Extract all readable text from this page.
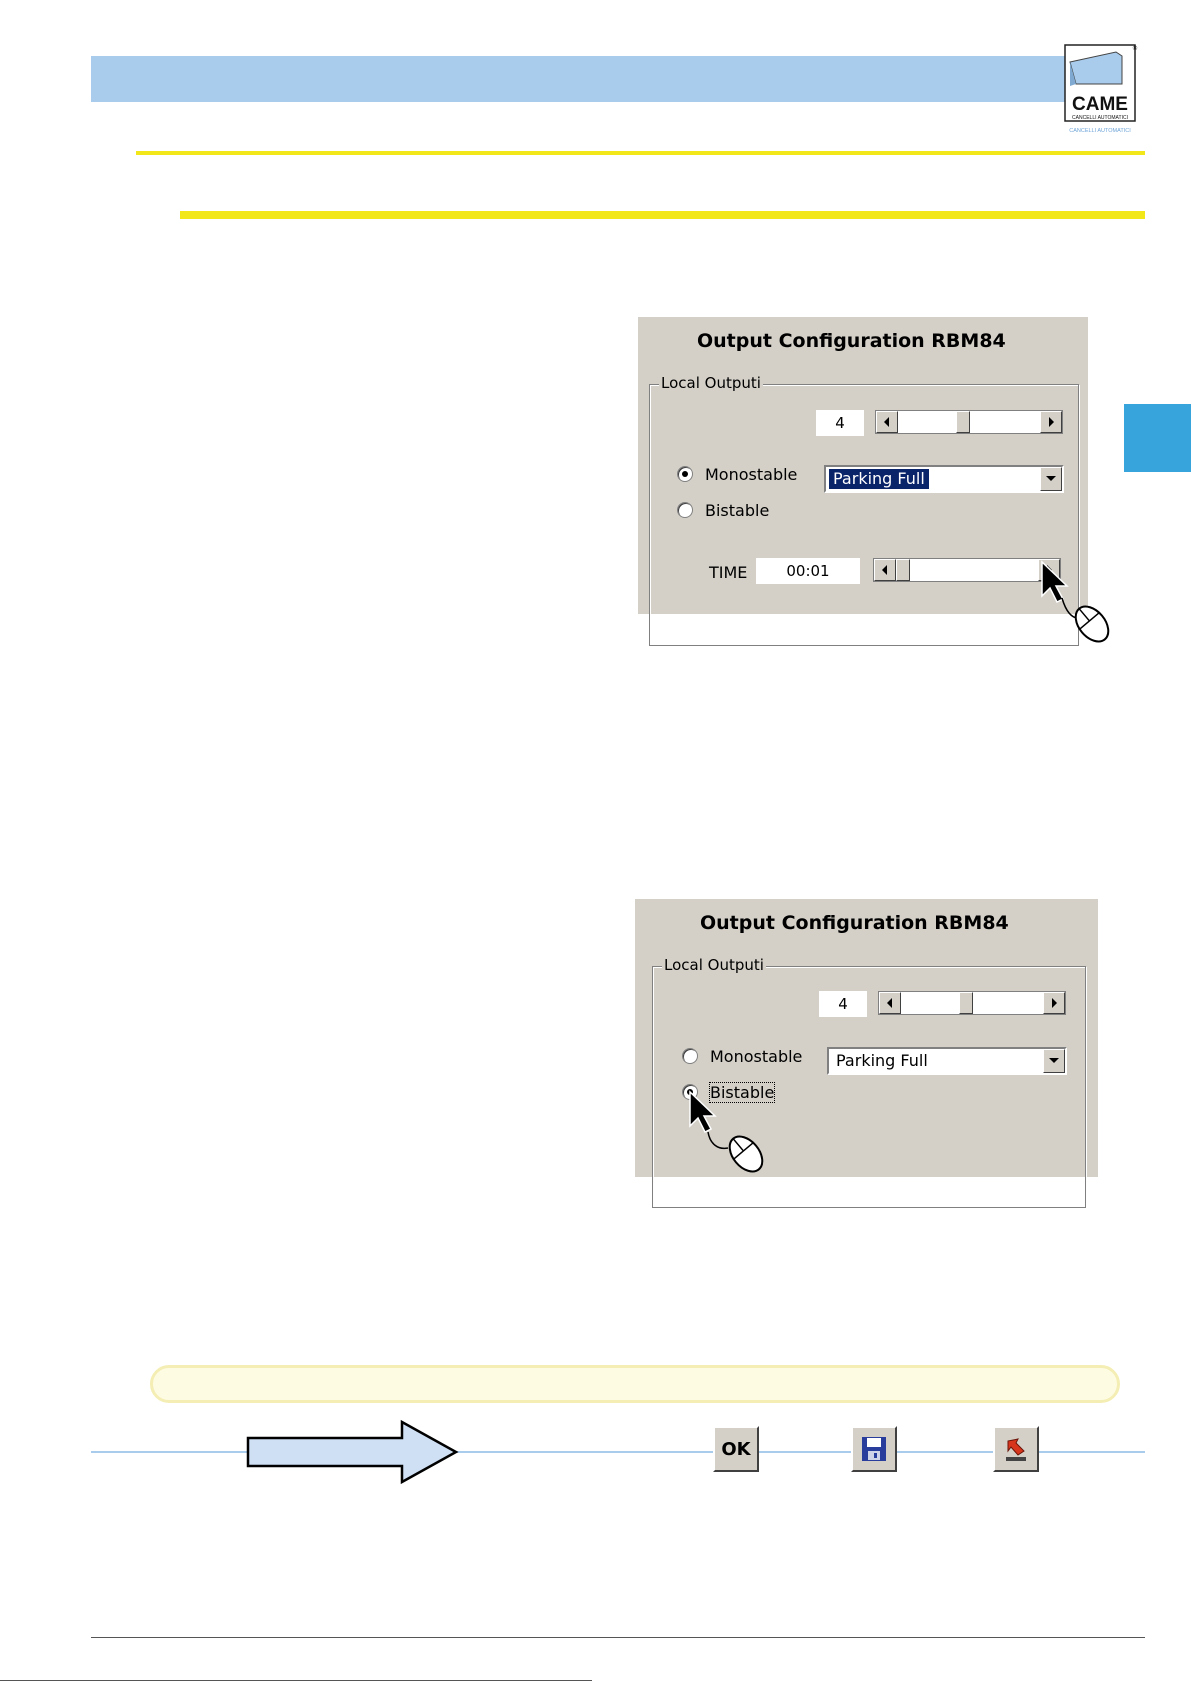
CAME
CANCELLI AUTOMATICI
CANCELLI AUTOMATICI
®
Output Configuration RBM84
Local Outputi
4
Monostable
Bistable
Parking Full
TIME	00:01
Output Configuration RBM84
Local Outputi
4
Monostable
Bistable
Parking Full
OK
